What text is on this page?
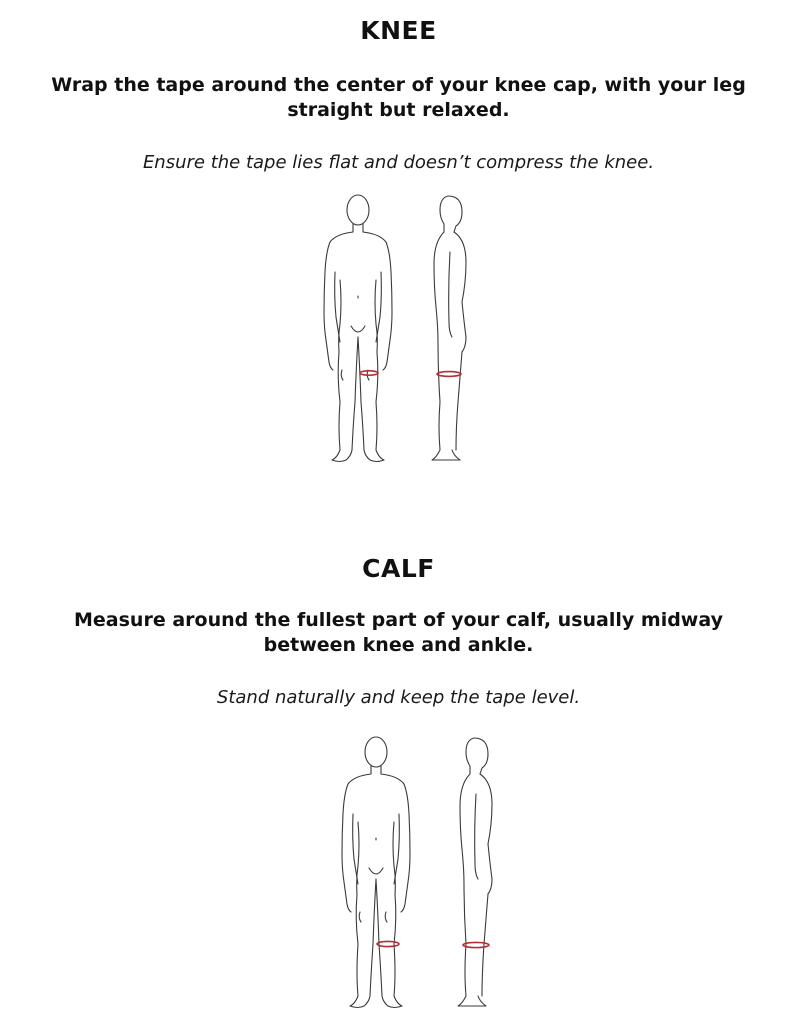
KNEE

Wrap the tape around the center of your knee cap, with your leg straight but relaxed.

Ensure the tape lies flat and doesn’t compress the knee.

CALF

Measure around the fullest part of your calf, usually midway between knee and ankle.

Stand naturally and keep the tape level.
